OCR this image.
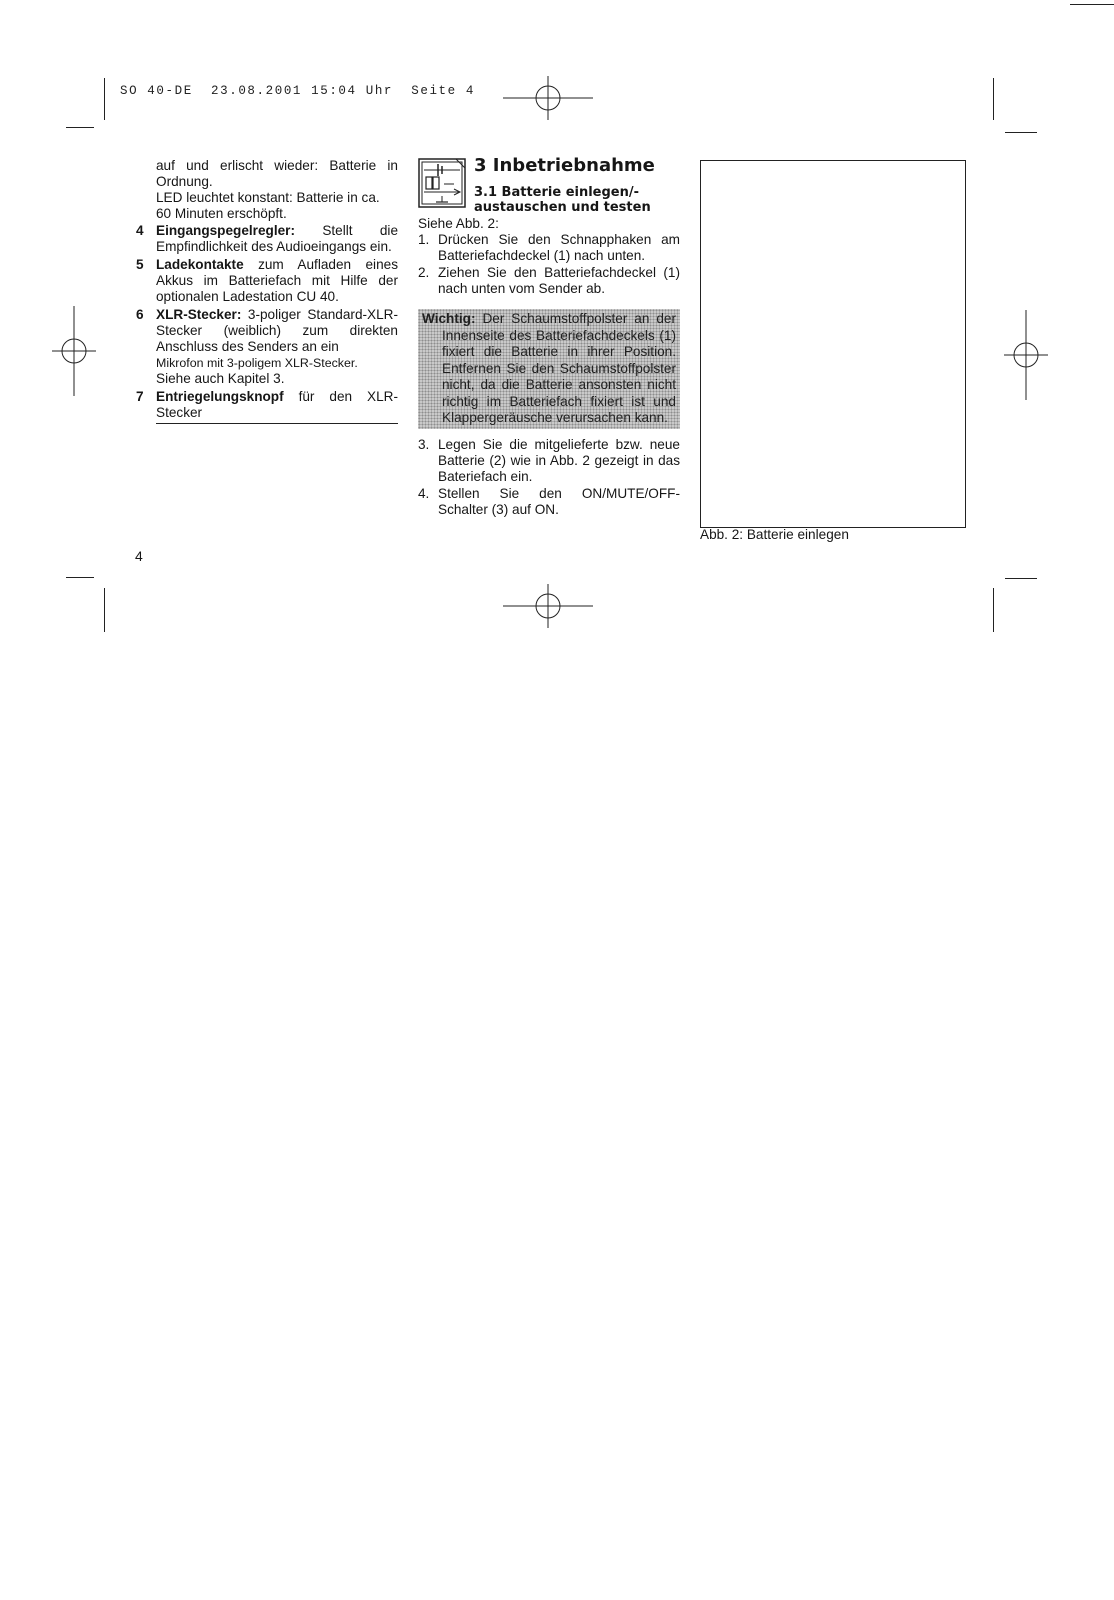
SO 40-DE  23.08.2001 15:04 Uhr  Seite 4
auf und erlischt wieder: Batterie in
Ordnung.
LED leuchtet konstant: Batterie in ca.
60 Minuten erschöpft.
4 Eingangspegelregler: Stellt die Empfindlichkeit des Audioeingangs ein.
5 Ladekontakte zum Aufladen eines Akkus im Batteriefach mit Hilfe der optionalen Ladestation CU 40.
6 XLR-Stecker: 3-poliger Standard-XLR-Stecker (weiblich) zum direkten Anschluss des Senders an ein
Mikrofon mit 3-poligem XLR-Stecker.
Siehe auch Kapitel 3.
7 Entriegelungsknopf für den XLR-Stecker
3 Inbetriebnahme
3.1 Batterie einlegen/-
austauschen und testen
Siehe Abb. 2:
1. Drücken Sie den Schnapphaken am Batteriefachdeckel (1) nach unten.
2. Ziehen Sie den Batteriefachdeckel (1) nach unten vom Sender ab.
Wichtig: Der Schaumstoffpolster an der Innenseite des Batteriefachdeckels (1) fixiert die Batterie in ihrer Position. Entfernen Sie den Schaumstoffpolster nicht, da die Batterie ansonsten nicht richtig im Batteriefach fixiert ist und Klappergeräusche verursachen kann.
3. Legen Sie die mitgelieferte bzw. neue Batterie (2) wie in Abb. 2 gezeigt in das Bateriefach ein.
4. Stellen Sie den ON/MUTE/OFF-Schalter (3) auf ON.
Abb. 2: Batterie einlegen
4
